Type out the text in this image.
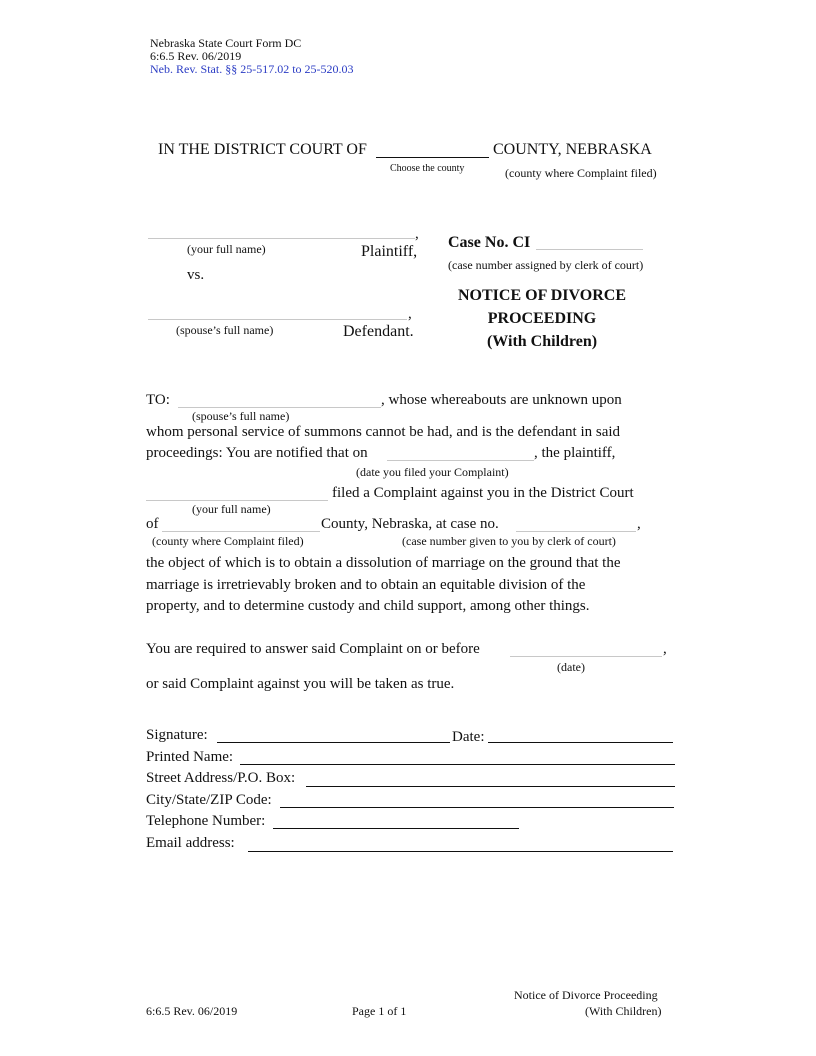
Nebraska State Court Form DC
6:6.5 Rev. 06/2019
Neb. Rev. Stat. §§ 25-517.02 to 25-520.03
IN THE DISTRICT COURT OF	COUNTY, NEBRASKA
Choose the county	(county where Complaint filed)
,
(your full name)	Plaintiff,
vs.
,
(spouse’s full name)	Defendant.
Case No. CI
(case number assigned by clerk of court)
NOTICE OF DIVORCE
PROCEEDING
(With Children)
TO:	, whose whereabouts are unknown upon
(spouse’s full name)
whom personal service of summons cannot be had, and is the defendant in said
proceedings: You are notified that on	, the plaintiff,
(date you filed your Complaint)
filed a Complaint against you in the District Court
(your full name)
of	County, Nebraska, at case no.	,
(county where Complaint filed)	(case number given to you by clerk of court)
the object of which is to obtain a dissolution of marriage on the ground that the
marriage is irretrievably broken and to obtain an equitable division of the
property, and to determine custody and child support, among other things.
You are required to answer said Complaint on or before	,
(date)
or said Complaint against you will be taken as true.
Signature:	Date:
Printed Name:
Street Address/P.O. Box:
City/State/ZIP Code:
Telephone Number:
Email address:
6:6.5 Rev. 06/2019	Page 1 of 1
Notice of Divorce Proceeding
(With Children)
